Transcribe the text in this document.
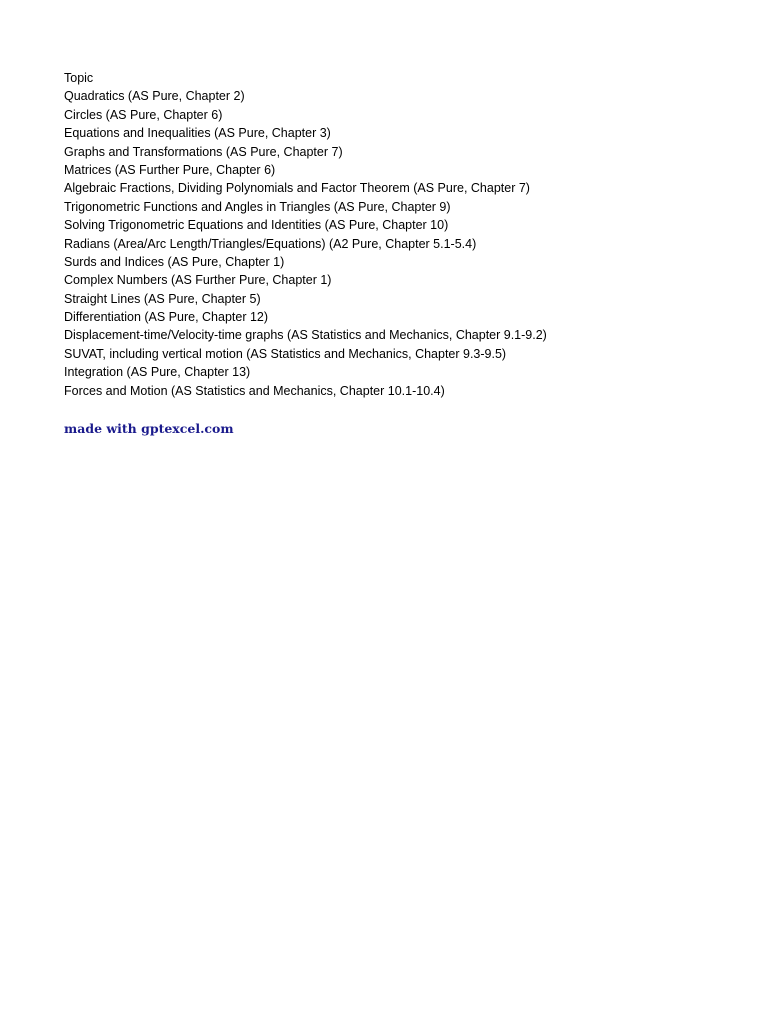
Topic
Quadratics (AS Pure, Chapter 2)
Circles (AS Pure, Chapter 6)
Equations and Inequalities (AS Pure, Chapter 3)
Graphs and Transformations (AS Pure, Chapter 7)
Matrices (AS Further Pure, Chapter 6)
Algebraic Fractions, Dividing Polynomials and Factor Theorem (AS Pure, Chapter 7)
Trigonometric Functions and Angles in Triangles (AS Pure, Chapter 9)
Solving Trigonometric Equations and Identities (AS Pure, Chapter 10)
Radians (Area/Arc Length/Triangles/Equations) (A2 Pure, Chapter 5.1-5.4)
Surds and Indices (AS Pure, Chapter 1)
Complex Numbers (AS Further Pure, Chapter 1)
Straight Lines (AS Pure, Chapter 5)
Differentiation (AS Pure, Chapter 12)
Displacement-time/Velocity-time graphs (AS Statistics and Mechanics, Chapter 9.1-9.2)
SUVAT, including vertical motion (AS Statistics and Mechanics, Chapter 9.3-9.5)
Integration (AS Pure, Chapter 13)
Forces and Motion (AS Statistics and Mechanics, Chapter 10.1-10.4)
made with gptexcel.com
